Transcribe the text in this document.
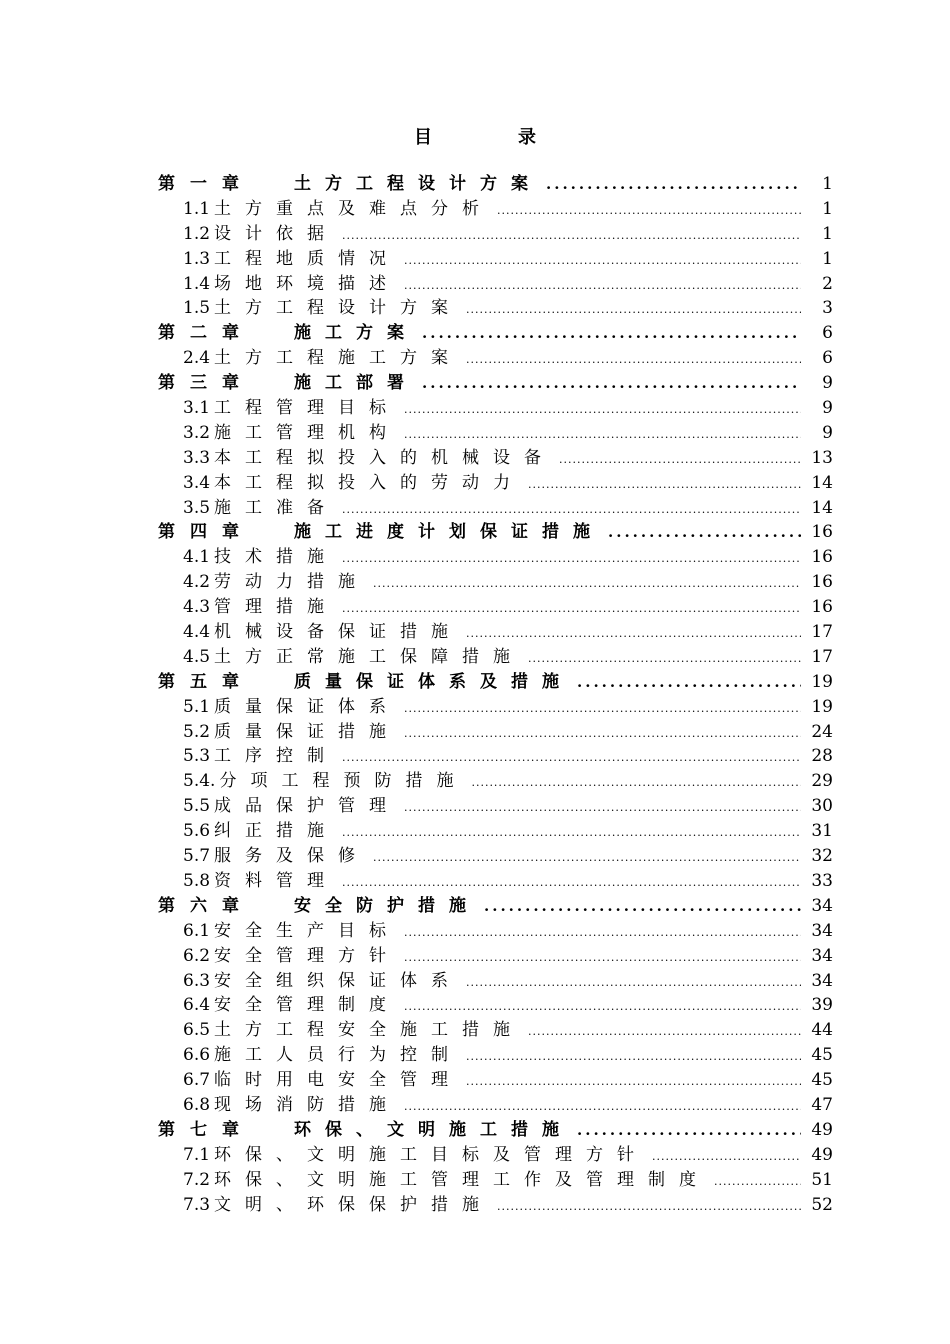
目　录
第一章	土方工程设计方案 .....	1
1.1 土方重点及难点分析 .....	1
1.2 设计依据 .....	1
1.3 工程地质情况 .....	1
1.4 场地环境描述 .....	2
1.5 土方工程设计方案 .....	3
第二章	施工方案 .....	6
2.4 土方工程施工方案 .....	6
第三章	施工部署 .....	9
3.1 工程管理目标 .....	9
3.2 施工管理机构 .....	9
3.3 本工程拟投入的机械设备 .....	13
3.4 本工程拟投入的劳动力 .....	14
3.5 施工准备 .....	14
第四章	施工进度计划保证措施 .....	16
4.1 技术措施 .....	16
4.2 劳动力措施 .....	16
4.3 管理措施 .....	16
4.4 机械设备保证措施 .....	17
4.5 土方正常施工保障措施 .....	17
第五章	质量保证体系及措施 .....	19
5.1 质量保证体系 .....	19
5.2 质量保证措施 .....	24
5.3 工序控制 .....	28
5.4. 分项工程预防措施 .....	29
5.5 成品保护管理 .....	30
5.6 纠正措施 .....	31
5.7 服务及保修 .....	32
5.8 资料管理 .....	33
第六章	安全防护措施 .....	34
6.1 安全生产目标 .....	34
6.2 安全管理方针 .....	34
6.3 安全组织保证体系 .....	34
6.4 安全管理制度 .....	39
6.5 土方工程安全施工措施 .....	44
6.6 施工人员行为控制 .....	45
6.7 临时用电安全管理 .....	45
6.8 现场消防措施 .....	47
第七章	环保、文明施工措施 .....	49
7.1 环保、文明施工目标及管理方针 .....	49
7.2 环保、文明施工管理工作及管理制度 .....	51
7.3 文明、环保保护措施 .....	52
